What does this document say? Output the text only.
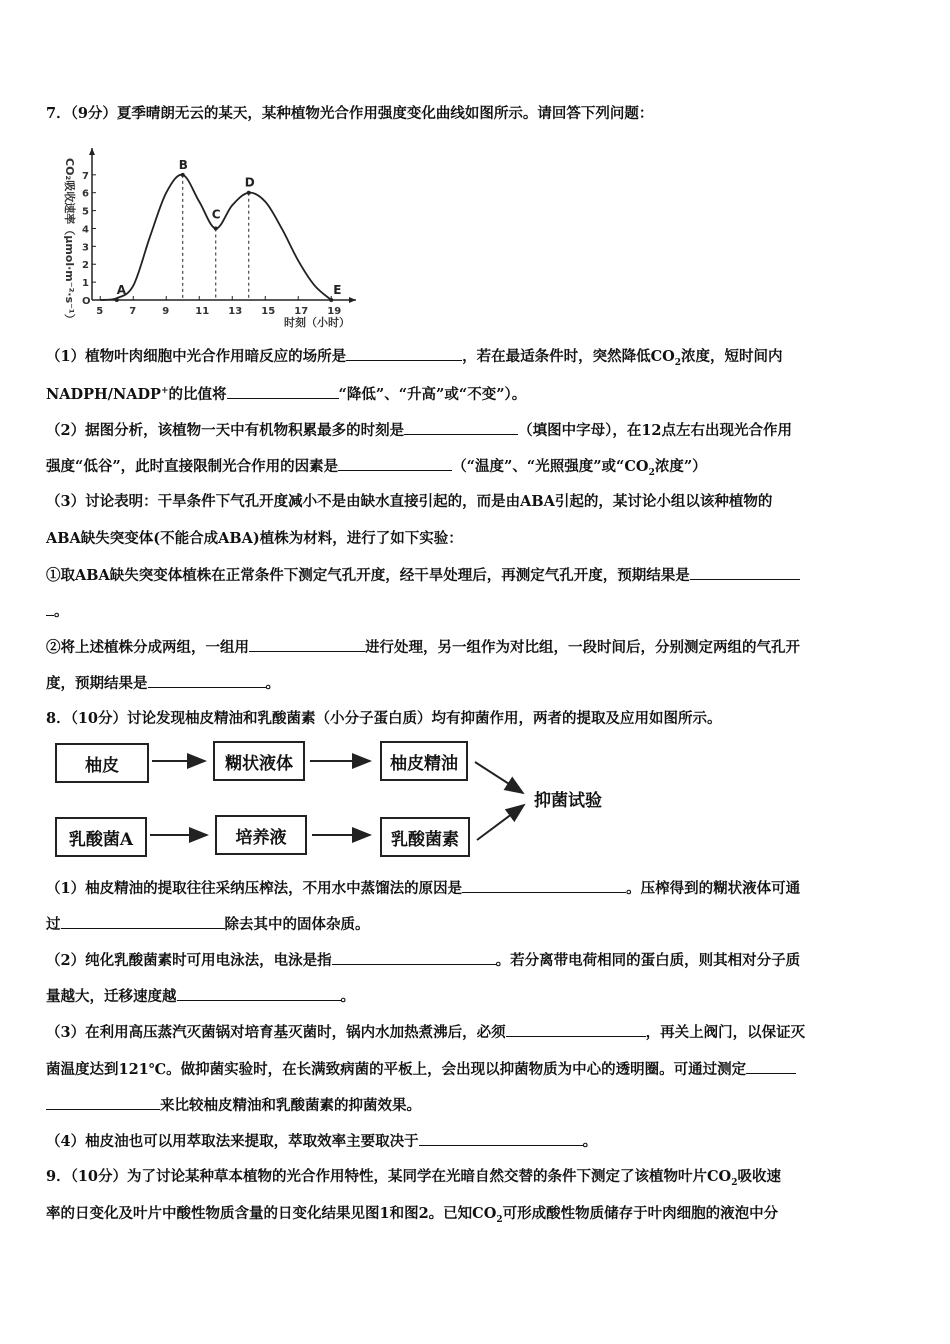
7．（9分）夏季晴朗无云的某天，某种植物光合作用强度变化曲线如图所示。请回答下列问题：
O
1
2
3
4
5
6
7
5	7	9	11 13 15 17 19
时刻（小时）
CO₂吸收速率（μmol·m⁻²·s⁻¹）	A
B
C
D
E
（1）植物叶肉细胞中光合作用暗反应的场所是	，若在最适条件时，突然降低$CO_2$浓度，短时间内
NADPH/NADP+的比值将	“降低”、“升高”或“不变”）。
（2）据图分析，该植物一天中有机物积累最多的时刻是	（填图中字母），在12点左右出现光合作用
强度“低谷”，此时直接限制光合作用的因素是	（“温度”、“光照强度”或“$CO_2$浓度”）
（3）讨论表明：干旱条件下气孔开度减小不是由缺水直接引起的，而是由ABA引起的，某讨论小组以该种植物的
ABA缺失突变体(不能合成ABA)植株为材料，进行了如下实验：
①取ABA缺失突变体植株在正常条件下测定气孔开度，经干旱处理后，再测定气孔开度，预期结果是
。
②将上述植株分成两组，一组用	进行处理，另一组作为对比组，一段时间后，分别测定两组的气孔开
度，预期结果是	。
8．（10分）讨论发现柚皮精油和乳酸菌素（小分子蛋白质）均有抑菌作用，两者的提取及应用如图所示。
柚皮	糊状液体	柚皮精油
乳酸菌A	培养液	乳酸菌素
抑菌试验
（1）柚皮精油的提取往往采纳压榨法，不用水中蒸馏法的原因是	。压榨得到的糊状液体可通
过	除去其中的固体杂质。
（2）纯化乳酸菌素时可用电泳法，电泳是指	。若分离带电荷相同的蛋白质，则其相对分子质
量越大，迁移速度越	。
（3）在利用高压蒸汽灭菌锅对培育基灭菌时，锅内水加热煮沸后，必须	，再关上阀门，以保证灭
菌温度达到121℃。做抑菌实验时，在长满致病菌的平板上，会出现以抑菌物质为中心的透明圈。可通过测定
来比较柚皮精油和乳酸菌素的抑菌效果。
（4）柚皮油也可以用萃取法来提取，萃取效率主要取决于	。
9．（10分）为了讨论某种草本植物的光合作用特性，某同学在光暗自然交替的条件下测定了该植物叶片$CO_2$吸收速
率的日变化及叶片中酸性物质含量的日变化结果见图1和图2。已知$CO_2$可形成酸性物质储存于叶肉细胞的液泡中分
